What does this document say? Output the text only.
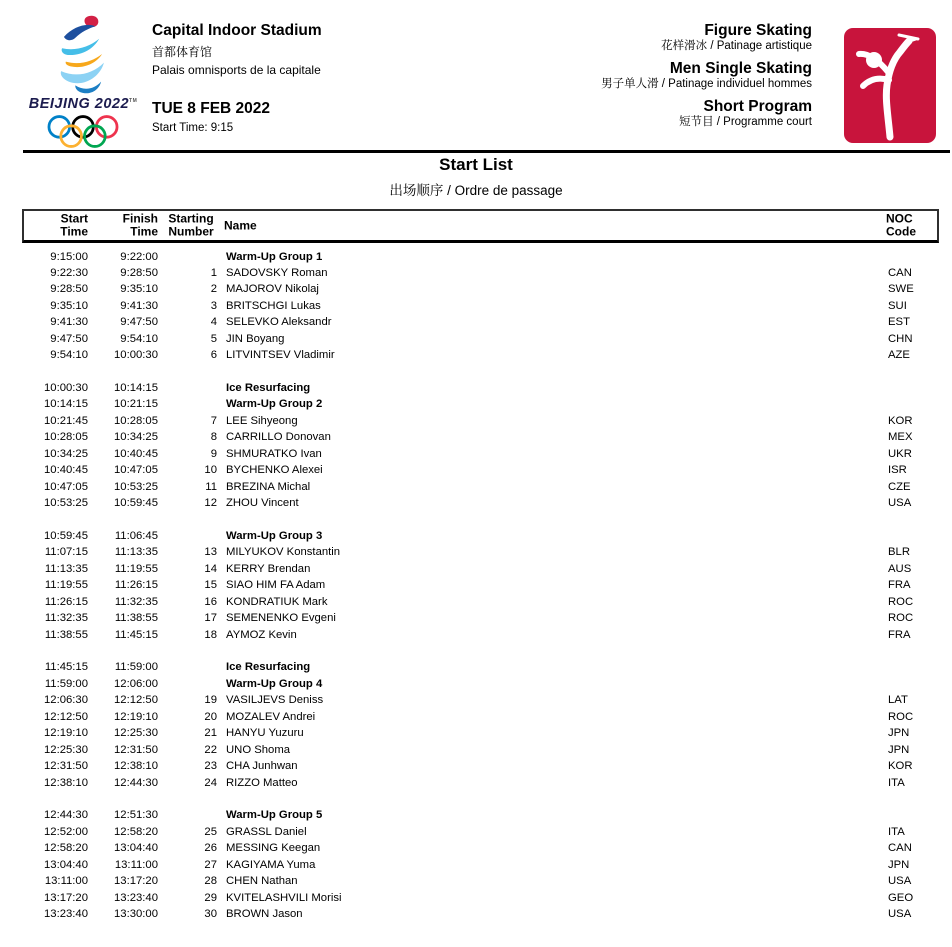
BEIJING 2022™
Capital Indoor Stadium
首都体育馆
Palais omnisports de la capitale
TUE 8 FEB 2022
Start Time: 9:15
Figure Skating
花样滑冰 / Patinage artistique
Men Single Skating
男子单人滑 / Patinage individuel hommes
Short Program
短节目 / Programme court
Start List
出场顺序 / Ordre de passage
Start
Time
Finish
Time
Starting
Number Name	NOC
Code
9:15:00	9:22:00	Warm-Up Group 1
9:22:30	9:28:50	1 SADOVSKY Roman	CAN
9:28:50	9:35:10	2 MAJOROV Nikolaj	SWE
9:35:10	9:41:30	3 BRITSCHGI Lukas	SUI
9:41:30	9:47:50	4 SELEVKO Aleksandr	EST
9:47:50	9:54:10	5 JIN Boyang	CHN
9:54:10	10:00:30	6 LITVINTSEV Vladimir	AZE
10:00:30	10:14:15	Ice Resurfacing
10:14:15	10:21:15	Warm-Up Group 2
10:21:45	10:28:05	7 LEE Sihyeong	KOR
10:28:05	10:34:25	8 CARRILLO Donovan	MEX
10:34:25	10:40:45	9 SHMURATKO Ivan	UKR
10:40:45	10:47:05	10 BYCHENKO Alexei	ISR
10:47:05	10:53:25	11 BREZINA Michal	CZE
10:53:25	10:59:45	12 ZHOU Vincent	USA
10:59:45	11:06:45	Warm-Up Group 3
11:07:15	11:13:35	13 MILYUKOV Konstantin	BLR
11:13:35	11:19:55	14 KERRY Brendan	AUS
11:19:55	11:26:15	15 SIAO HIM FA Adam	FRA
11:26:15	11:32:35	16 KONDRATIUK Mark	ROC
11:32:35	11:38:55	17 SEMENENKO Evgeni	ROC
11:38:55	11:45:15	18 AYMOZ Kevin	FRA
11:45:15	11:59:00	Ice Resurfacing
11:59:00	12:06:00	Warm-Up Group 4
12:06:30	12:12:50	19 VASILJEVS Deniss	LAT
12:12:50	12:19:10	20 MOZALEV Andrei	ROC
12:19:10	12:25:30	21 HANYU Yuzuru	JPN
12:25:30	12:31:50	22 UNO Shoma	JPN
12:31:50	12:38:10	23 CHA Junhwan	KOR
12:38:10	12:44:30	24 RIZZO Matteo	ITA
12:44:30	12:51:30	Warm-Up Group 5
12:52:00	12:58:20	25 GRASSL Daniel	ITA
12:58:20	13:04:40	26 MESSING Keegan	CAN
13:04:40	13:11:00	27 KAGIYAMA Yuma	JPN
13:11:00	13:17:20	28 CHEN Nathan	USA
13:17:20	13:23:40	29 KVITELASHVILI Morisi	GEO
13:23:40	13:30:00	30 BROWN Jason	USA
